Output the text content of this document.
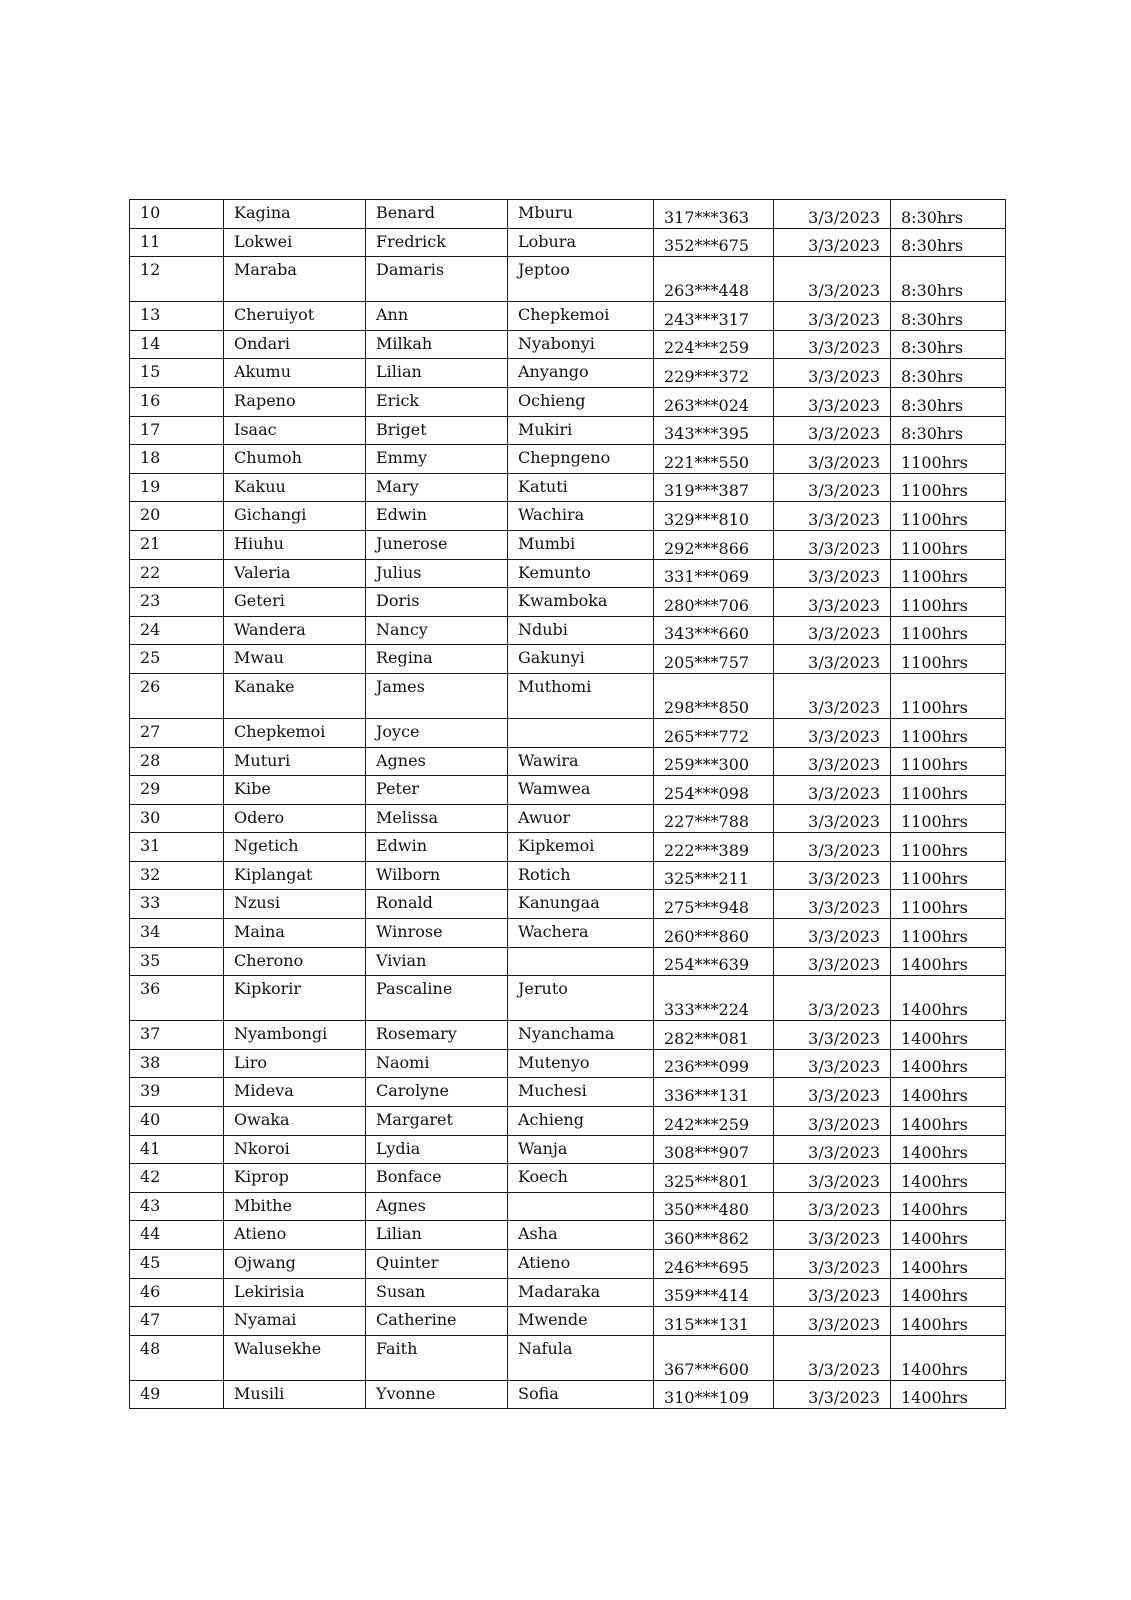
10	Kagina	Benard	Mburu	317***363	3/3/2023	8:30hrs
11	Lokwei	Fredrick	Lobura	352***675	3/3/2023	8:30hrs
12	Maraba	Damaris	Jeptoo	263***448	3/3/2023	8:30hrs
13	Cheruiyot	Ann	Chepkemoi	243***317	3/3/2023	8:30hrs
14	Ondari	Milkah	Nyabonyi	224***259	3/3/2023	8:30hrs
15	Akumu	Lilian	Anyango	229***372	3/3/2023	8:30hrs
16	Rapeno	Erick	Ochieng	263***024	3/3/2023	8:30hrs
17	Isaac	Briget	Mukiri	343***395	3/3/2023	8:30hrs
18	Chumoh	Emmy	Chepngeno	221***550	3/3/2023	1100hrs
19	Kakuu	Mary	Katuti	319***387	3/3/2023	1100hrs
20	Gichangi	Edwin	Wachira	329***810	3/3/2023	1100hrs
21	Hiuhu	Junerose	Mumbi	292***866	3/3/2023	1100hrs
22	Valeria	Julius	Kemunto	331***069	3/3/2023	1100hrs
23	Geteri	Doris	Kwamboka	280***706	3/3/2023	1100hrs
24	Wandera	Nancy	Ndubi	343***660	3/3/2023	1100hrs
25	Mwau	Regina	Gakunyi	205***757	3/3/2023	1100hrs
26	Kanake	James	Muthomi	298***850	3/3/2023	1100hrs
27	Chepkemoi	Joyce		265***772	3/3/2023	1100hrs
28	Muturi	Agnes	Wawira	259***300	3/3/2023	1100hrs
29	Kibe	Peter	Wamwea	254***098	3/3/2023	1100hrs
30	Odero	Melissa	Awuor	227***788	3/3/2023	1100hrs
31	Ngetich	Edwin	Kipkemoi	222***389	3/3/2023	1100hrs
32	Kiplangat	Wilborn	Rotich	325***211	3/3/2023	1100hrs
33	Nzusi	Ronald	Kanungaa	275***948	3/3/2023	1100hrs
34	Maina	Winrose	Wachera	260***860	3/3/2023	1100hrs
35	Cherono	Vivian		254***639	3/3/2023	1400hrs
36	Kipkorir	Pascaline	Jeruto	333***224	3/3/2023	1400hrs
37	Nyambongi	Rosemary	Nyanchama	282***081	3/3/2023	1400hrs
38	Liro	Naomi	Mutenyo	236***099	3/3/2023	1400hrs
39	Mideva	Carolyne	Muchesi	336***131	3/3/2023	1400hrs
40	Owaka	Margaret	Achieng	242***259	3/3/2023	1400hrs
41	Nkoroi	Lydia	Wanja	308***907	3/3/2023	1400hrs
42	Kiprop	Bonface	Koech	325***801	3/3/2023	1400hrs
43	Mbithe	Agnes		350***480	3/3/2023	1400hrs
44	Atieno	Lilian	Asha	360***862	3/3/2023	1400hrs
45	Ojwang	Quinter	Atieno	246***695	3/3/2023	1400hrs
46	Lekirisia	Susan	Madaraka	359***414	3/3/2023	1400hrs
47	Nyamai	Catherine	Mwende	315***131	3/3/2023	1400hrs
48	Walusekhe	Faith	Nafula	367***600	3/3/2023	1400hrs
49	Musili	Yvonne	Sofia	310***109	3/3/2023	1400hrs
